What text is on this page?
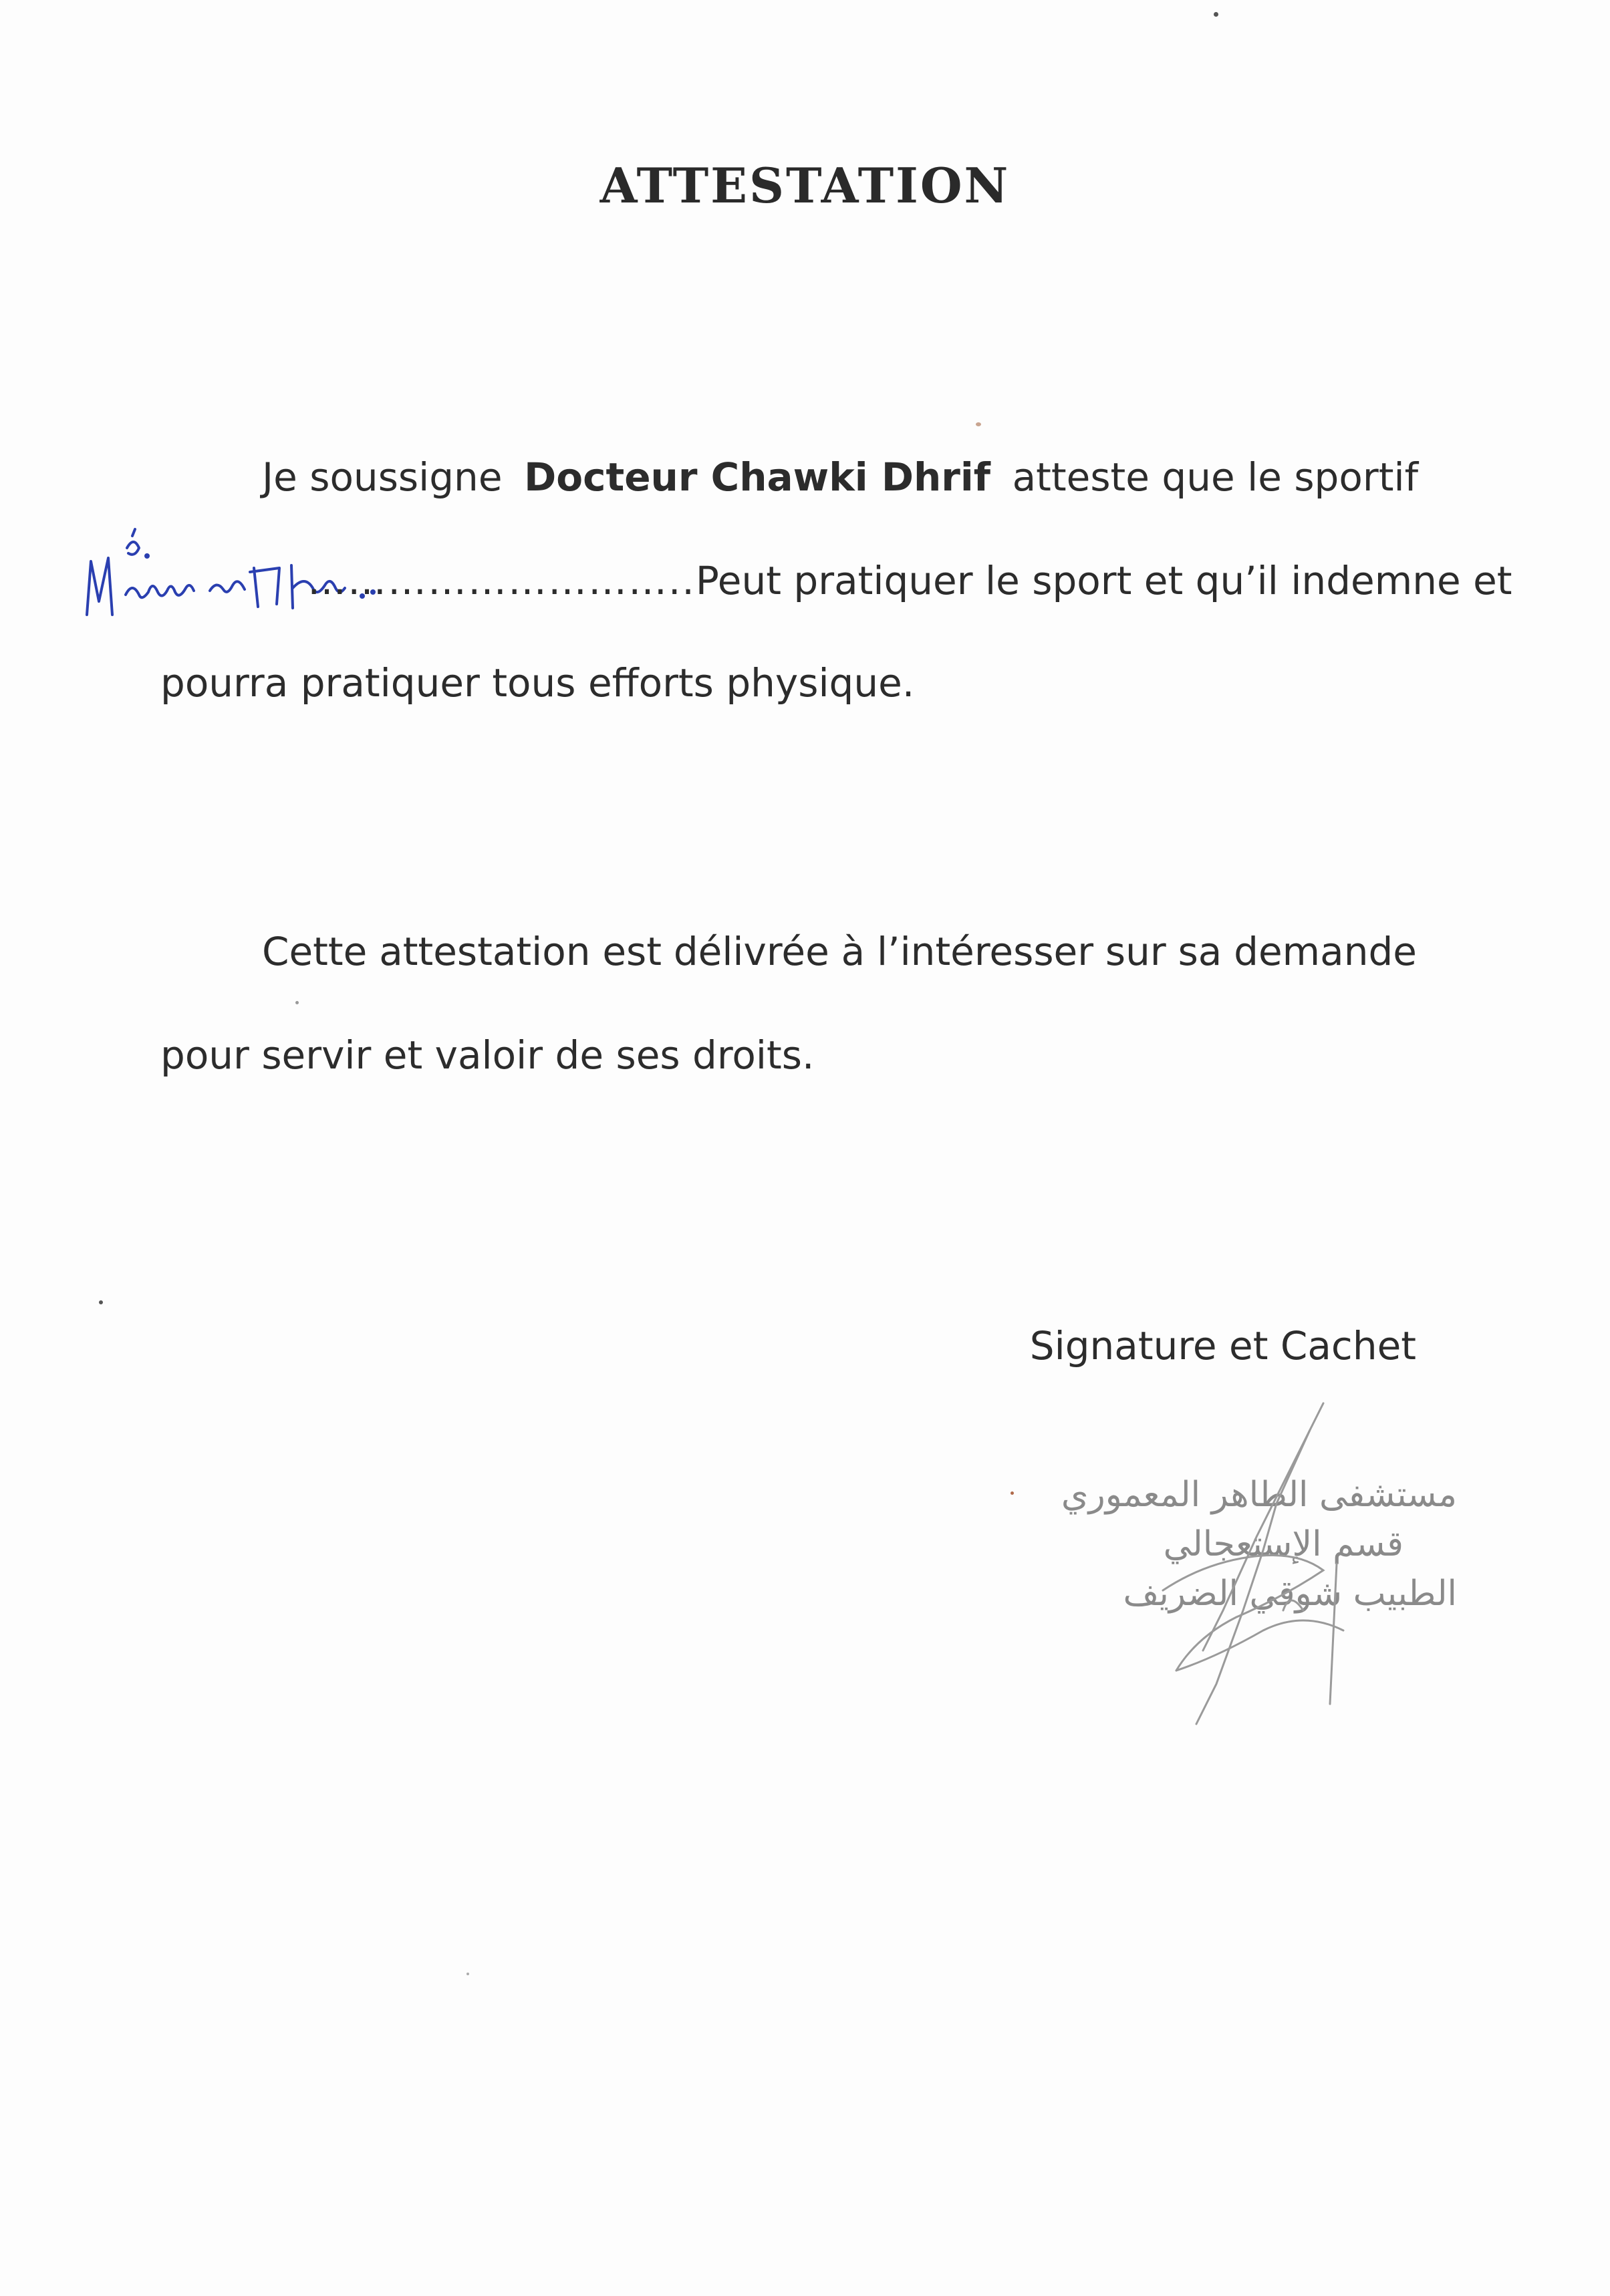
ATTESTATION
Je soussigne Docteur Chawki Dhrif atteste que le sportif
……………………….. Peut pratiquer le sport et qu’il indemne et
pourra pratiquer tous efforts physique.
Cette attestation est délivrée à l’intéresser sur sa demande
pour servir et valoir de ses droits.
Signature et Cachet
مستشفى الطاهر المعموري
قسم الإستعجالي
الطبيب شوقي الضريف
